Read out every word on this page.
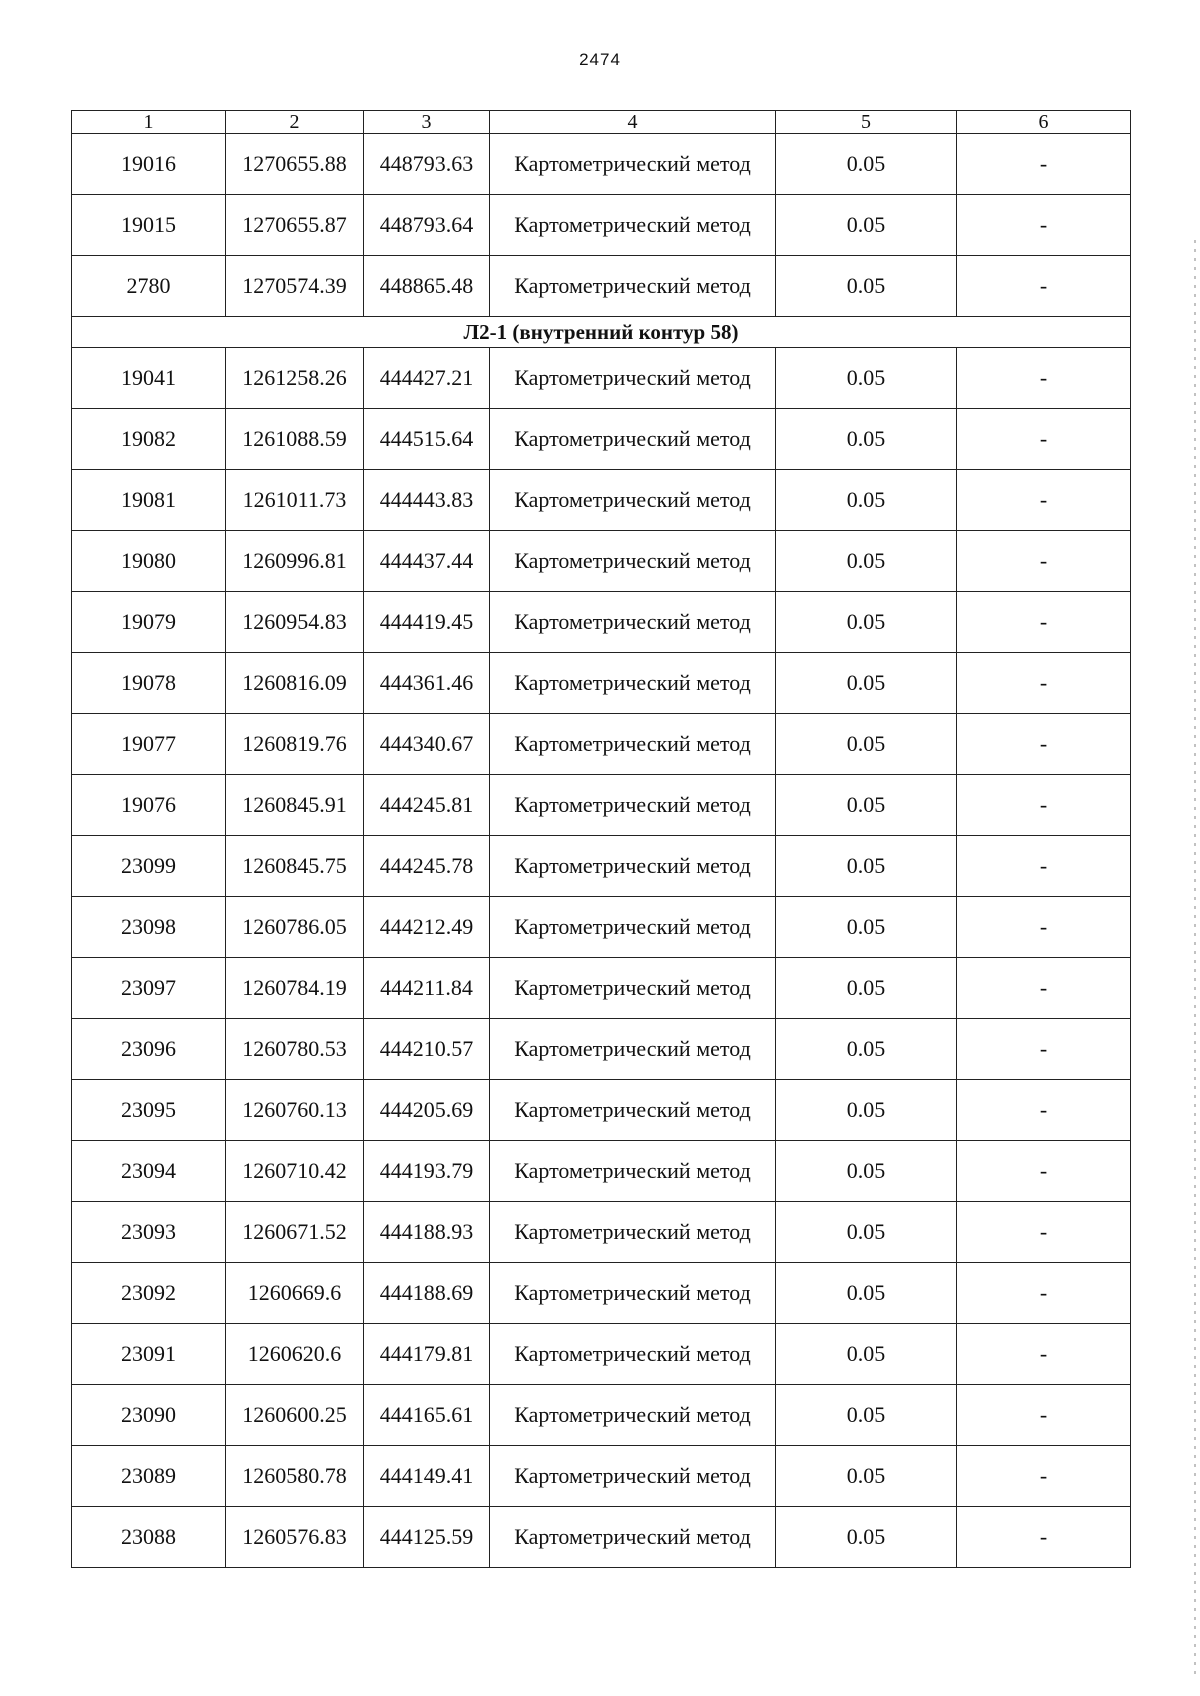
2474
1	2	3	4	5	6
19016	1270655.88	448793.63	Картометрический метод	0.05	-
19015	1270655.87	448793.64	Картометрический метод	0.05	-
2780	1270574.39	448865.48	Картометрический метод	0.05	-
Л2-1 (внутренний контур 58)					
19041	1261258.26	444427.21	Картометрический метод	0.05	-
19082	1261088.59	444515.64	Картометрический метод	0.05	-
19081	1261011.73	444443.83	Картометрический метод	0.05	-
19080	1260996.81	444437.44	Картометрический метод	0.05	-
19079	1260954.83	444419.45	Картометрический метод	0.05	-
19078	1260816.09	444361.46	Картометрический метод	0.05	-
19077	1260819.76	444340.67	Картометрический метод	0.05	-
19076	1260845.91	444245.81	Картометрический метод	0.05	-
23099	1260845.75	444245.78	Картометрический метод	0.05	-
23098	1260786.05	444212.49	Картометрический метод	0.05	-
23097	1260784.19	444211.84	Картометрический метод	0.05	-
23096	1260780.53	444210.57	Картометрический метод	0.05	-
23095	1260760.13	444205.69	Картометрический метод	0.05	-
23094	1260710.42	444193.79	Картометрический метод	0.05	-
23093	1260671.52	444188.93	Картометрический метод	0.05	-
23092	1260669.6	444188.69	Картометрический метод	0.05	-
23091	1260620.6	444179.81	Картометрический метод	0.05	-
23090	1260600.25	444165.61	Картометрический метод	0.05	-
23089	1260580.78	444149.41	Картометрический метод	0.05	-
23088	1260576.83	444125.59	Картометрический метод	0.05	-
